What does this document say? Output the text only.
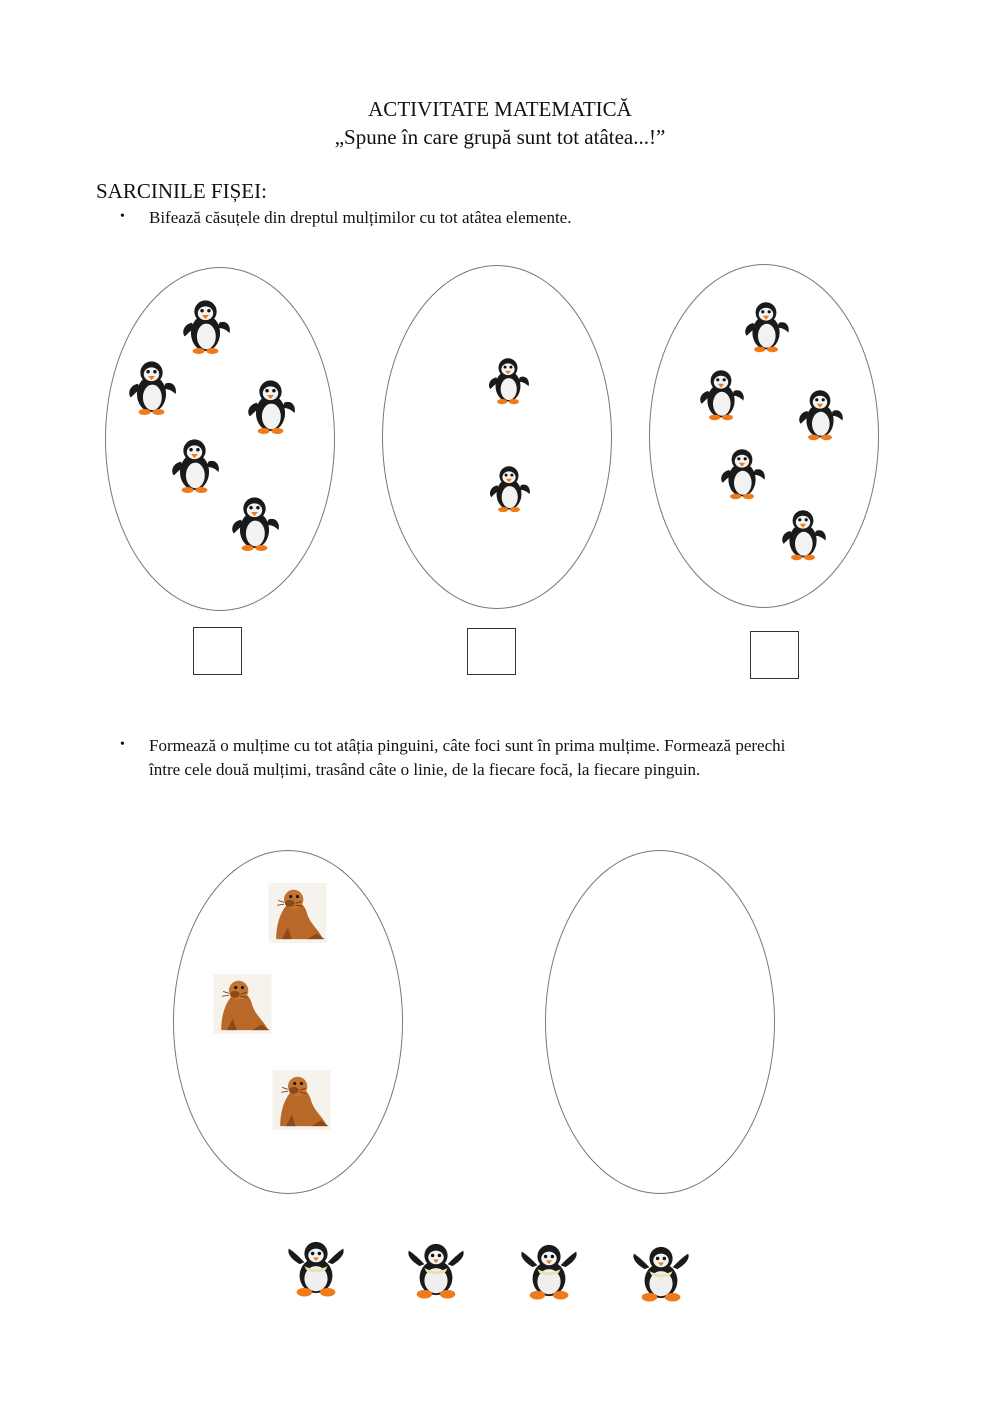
ACTIVITATE MATEMATICĂ
„Spune în care grupă sunt tot atâtea...!”
SARCINILE FIȘEI:
• Bifează căsuțele din dreptul mulțimilor cu tot atâtea elemente.
• Formează o mulțime cu tot atâția pinguini, câte foci sunt în prima mulțime. Formează perechi
între cele două mulțimi, trasând câte o linie, de la fiecare focă, la fiecare pinguin.
